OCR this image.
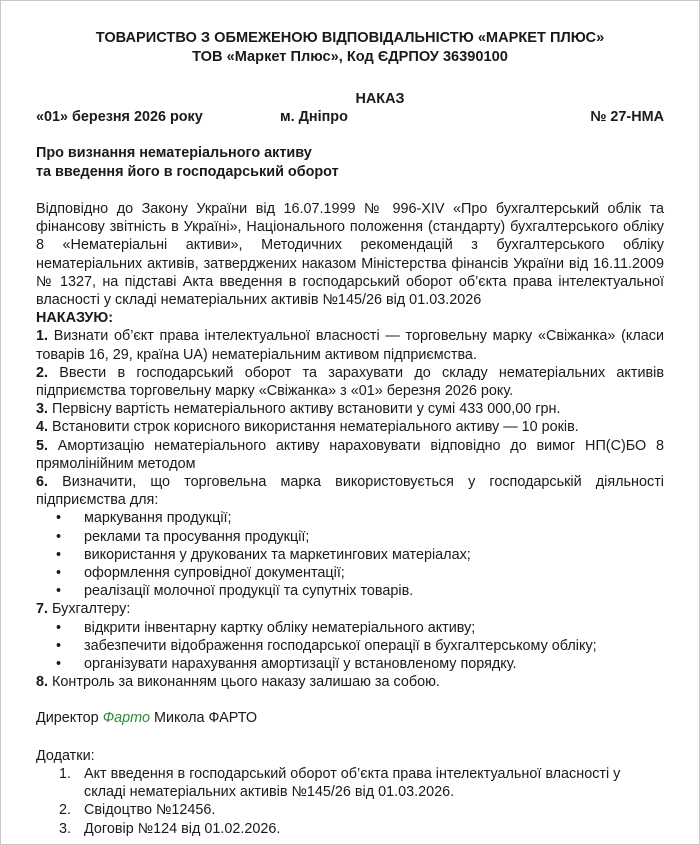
ТОВАРИСТВО З ОБМЕЖЕНОЮ ВІДПОВІДАЛЬНІСТЮ «МАРКЕТ ПЛЮС»
ТОВ «Маркет Плюс», Код ЄДРПОУ 36390100
НАКАЗ
«01» березня 2026 року	м. Дніпро	№ 27-НМА
Про визнання нематеріального активу
та введення його в господарський оборот

Відповідно до Закону України від 16.07.1999 № 996-XIV «Про бухгалтерський облік та фінансову звітність в Україні», Національного положення (стандарту) бухгалтерського обліку 8 «Нематеріальні активи», Методичних рекомендацій з бухгалтерського обліку нематеріальних активів, затверджених наказом Міністерства фінансів України від 16.11.2009 № 1327, на підставі Акта введення в господарський оборот об’єкта права інтелектуальної власності у складі нематеріальних активів №145/26 від 01.03.2026

НАКАЗУЮ:
1. Визнати об’єкт права інтелектуальної власності — торговельну марку «Свіжанка» (класи товарів 16, 29, країна UA) нематеріальним активом підприємства.
2. Ввести в господарський оборот та зарахувати до складу нематеріальних активів підприємства торговельну марку «Свіжанка» з «01» березня 2026 року.
3. Первісну вартість нематеріального активу встановити у сумі 433 000,00 грн.
4. Встановити строк корисного використання нематеріального активу — 10 років.
5. Амортизацію нематеріального активу нараховувати відповідно до вимог НП(С)БО 8 прямолінійним методом
6. Визначити, що торговельна марка використовується у господарській діяльності підприємства для:
• маркування продукції;
• реклами та просування продукції;
• використання у друкованих та маркетингових матеріалах;
• оформлення супровідної документації;
• реалізації молочної продукції та супутніх товарів.
7. Бухгалтеру:
• відкрити інвентарну картку обліку нематеріального активу;
• забезпечити відображення господарської операції в бухгалтерському обліку;
• організувати нарахування амортизації у встановленому порядку.
8. Контроль за виконанням цього наказу залишаю за собою.
Директор Фарто Микола ФАРТО
Додатки:
1. Акт введення в господарський оборот об’єкта права інтелектуальної власності у складі нематеріальних активів №145/26 від 01.03.2026.
2. Свідоцтво №12456.
3. Договір №124 від 01.02.2026.
